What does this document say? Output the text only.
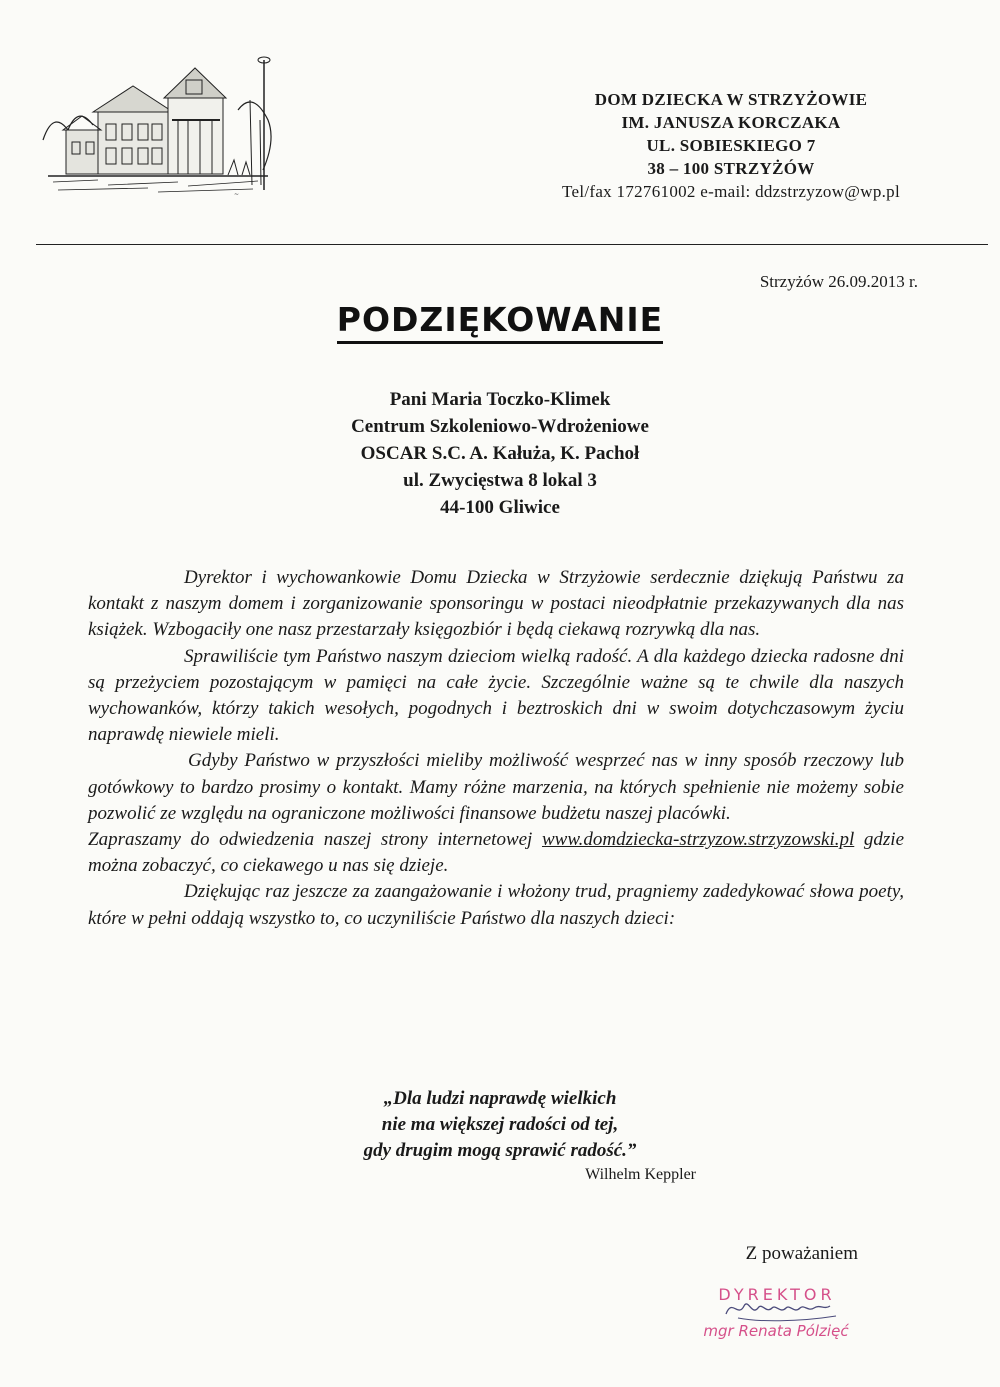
~
DOM DZIECKA W STRZYŻOWIE
IM. JANUSZA KORCZAKA
UL. SOBIESKIEGO 7
38 – 100 STRZYŻÓW
Tel/fax 172761002 e-mail: ddzstrzyzow@wp.pl
Strzyżów 26.09.2013 r.
PODZIĘKOWANIE
Pani Maria Toczko-Klimek
Centrum Szkoleniowo-Wdrożeniowe
OSCAR S.C. A. Kałuża, K. Pachoł
ul. Zwycięstwa 8 lokal 3
44-100 Gliwice

Dyrektor i wychowankowie Domu Dziecka w Strzyżowie serdecznie dziękują Państwu za kontakt z naszym domem i zorganizowanie sponsoringu w postaci nieodpłatnie przekazywanych dla nas książek. Wzbogaciły one nasz przestarzały księgozbiór i będą ciekawą rozrywką dla nas.

Sprawiliście tym Państwo naszym dzieciom wielką radość. A dla każdego dziecka radosne dni są przeżyciem pozostającym w pamięci na całe życie. Szczególnie ważne są te chwile dla naszych wychowanków, którzy takich wesołych, pogodnych i beztroskich dni w swoim dotychczasowym życiu naprawdę niewiele mieli.

Gdyby Państwo w przyszłości mieliby możliwość wesprzeć nas w inny sposób rzeczowy lub gotówkowy to bardzo prosimy o kontakt. Mamy różne marzenia, na których spełnienie nie możemy sobie pozwolić ze względu na ograniczone możliwości finansowe budżetu naszej placówki.

Zapraszamy do odwiedzenia naszej strony internetowej www.domdziecka-strzyzow.strzyzowski.pl gdzie można zobaczyć, co ciekawego u nas się dzieje.

Dziękując raz jeszcze za zaangażowanie i włożony trud, pragniemy zadedykować słowa poety, które w pełni oddają wszystko to, co uczyniliście Państwo dla naszych dzieci:

„Dla ludzi naprawdę wielkich
nie ma większej radości od tej,
gdy drugim mogą sprawić radość.”
Wilhelm Keppler
Z poważaniem
DYREKTOR
mgr Renata Pólzięć
